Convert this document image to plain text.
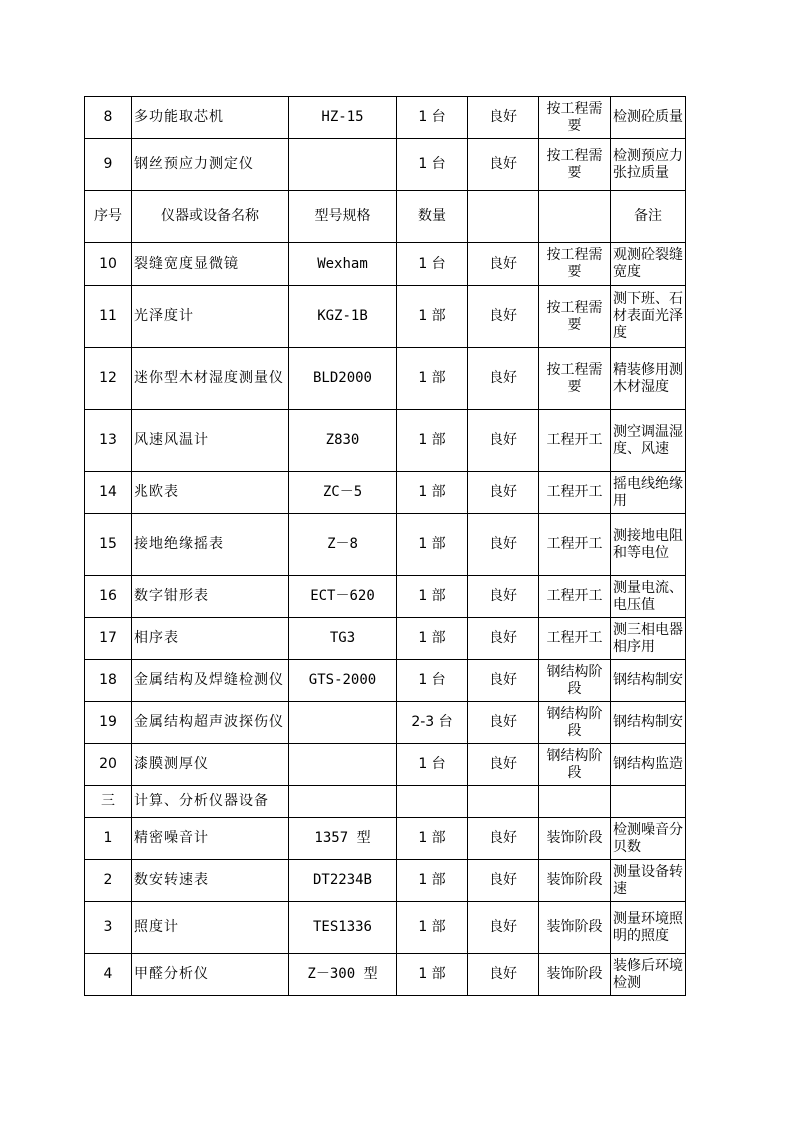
8	多功能取芯机	HZ-15	1 台	良好	按工程需要	检测砼质量
9	钢丝预应力测定仪		1 台	良好	按工程需要	检测预应力张拉质量
序号	仪器或设备名称	型号规格	数量			备注
10	裂缝宽度显微镜	Wexham	1 台	良好	按工程需要	观测砼裂缝宽度
11	光泽度计	KGZ-1B	1 部	良好	按工程需要	测下班、石材表面光泽度
12	迷你型木材湿度测量仪	BLD2000	1 部	良好	按工程需要	精装修用测木材湿度
13	风速风温计	Z830	1 部	良好	工程开工	测空调温湿度、风速
14	兆欧表	ZC－5	1 部	良好	工程开工	摇电线绝缘用
15	接地绝缘摇表	Z－8	1 部	良好	工程开工	测接地电阻和等电位
16	数字钳形表	ECT－620	1 部	良好	工程开工	测量电流、电压值
17	相序表	TG3	1 部	良好	工程开工	测三相电器相序用
18	金属结构及焊缝检测仪	GTS-2000	1 台	良好	钢结构阶段	钢结构制安
19	金属结构超声波探伤仪		2-3 台	良好	钢结构阶段	钢结构制安
20	漆膜测厚仪		1 台	良好	钢结构阶段	钢结构监造
三	计算、分析仪器设备					
1	精密噪音计	1357 型	1 部	良好	装饰阶段	检测噪音分贝数
2	数安转速表	DT2234B	1 部	良好	装饰阶段	测量设备转速
3	照度计	TES1336	1 部	良好	装饰阶段	测量环境照明的照度
4	甲醛分析仪	Z－300 型	1 部	良好	装饰阶段	装修后环境检测
